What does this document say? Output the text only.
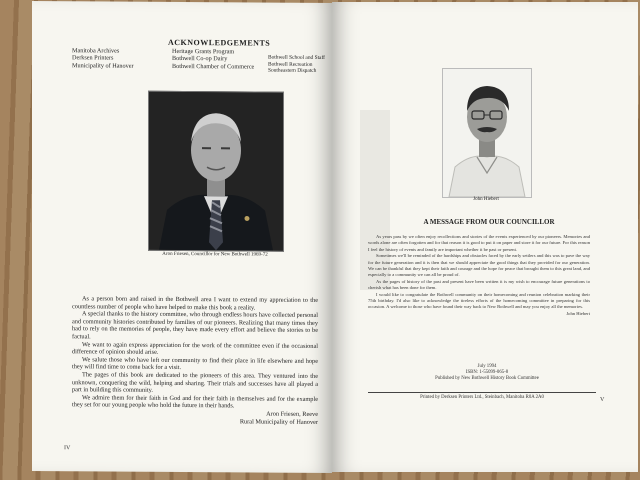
ACKNOWLEDGEMENTS
Manitoba Archives
Derksen Printers
Municipality of Hanover
Heritage Grants Program
Bothwell Co-op Dairy
Bothwell Chamber of Commerce
Bothwell School and Staff
Bothwell Recreation
Southeastern Dispatch
Aron Friesen, Councillor for New Bothwell 1969-72

As a person born and raised in the Bothwell area I want to extend my appreciation to the countless number of people who have helped to make this book a reality.

A special thanks to the history committee, who through endless hours have collected personal and community histories contributed by families of our pioneers. Realizing that many times they had to rely on the memories of people, they have made every effort and believe the stories to be factual.

We want to again express appreciation for the work of the committee even if the occasional difference of opinion should arise.

We salute those who have left our community to find their place in life elsewhere and hope they will find time to come back for a visit.

The pages of this book are dedicated to the pioneers of this area. They ventured into the unknown, conquering the wild, helping and sharing. Their trials and successes have all played a part in building this community.

We admire them for their faith in God and for their faith in themselves and for the example they set for our young people who hold the future in their hands.

Aron Friesen, Reeve
Rural Municipality of Hanover
IV
John Hiebert
A MESSAGE FROM OUR COUNCILLOR

As years pass by we often enjoy recollections and stories of the events experienced by our pioneers. Memories and words alone are often forgotten and for that reason it is good to put it on paper and store it for our future. For this reason I feel the history of events and family are important whether it be past or present.

Sometimes we'll be reminded of the hardships and obstacles faced by the early settlers and this was to pave the way for the future generation and it is then that we should appreciate the good things that they provided for our generation. We can be thankful that they kept their faith and courage and the hope for peace that brought them to this great land, and especially to a community we can all be proud of.

As the pages of history of the past and present have been written it is my wish to encourage future generations to cherish what has been done for them.

I would like to congratulate the Bothwell community on their homecoming and reunion celebration marking their 75th birthday. I'd also like to acknowledge the tireless efforts of the homecoming committee in preparing for this occasion. A welcome to those who have found their way back to New Bothwell and may you enjoy all the memories.

John Hiebert
July 1994
ISBN: 1-55099-065-8
Published by New Bothwell History Book Committee
Printed by Derksen Printers Ltd., Steinbach, Manitoba R0A 2A0	V
